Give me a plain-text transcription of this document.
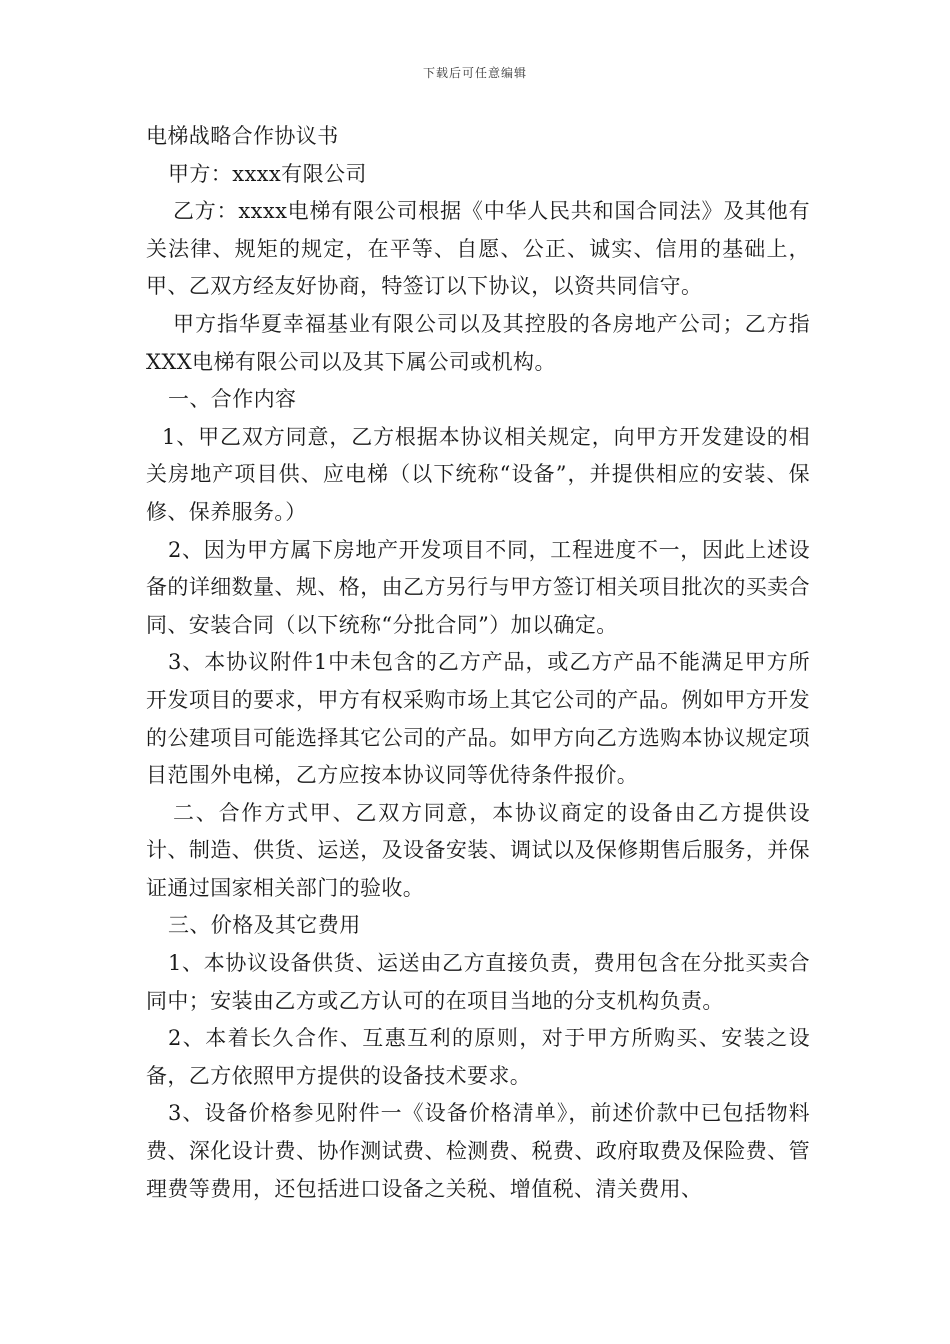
下载后可任意编辑

电梯战略合作协议书

甲方：xxxx有限公司

乙方：xxxx电梯有限公司根据《中华人民共和国合同法》及其他有关法律、规矩的规定，在平等、自愿、公正、诚实、信用的基础上，甲、乙双方经友好协商，特签订以下协议，以资共同信守。

甲方指华夏幸福基业有限公司以及其控股的各房地产公司；乙方指XXX电梯有限公司以及其下属公司或机构。

一、合作内容

1、甲乙双方同意，乙方根据本协议相关规定，向甲方开发建设的相关房地产项目供、应电梯（以下统称“设备”，并提供相应的安装、保修、保养服务。）

2、因为甲方属下房地产开发项目不同，工程进度不一，因此上述设备的详细数量、规、格，由乙方另行与甲方签订相关项目批次的买卖合同、安装合同（以下统称“分批合同”）加以确定。

3、本协议附件1中未包含的乙方产品，或乙方产品不能满足甲方所开发项目的要求，甲方有权采购市场上其它公司的产品。例如甲方开发的公建项目可能选择其它公司的产品。如甲方向乙方选购本协议规定项目范围外电梯，乙方应按本协议同等优待条件报价。

二、合作方式甲、乙双方同意，本协议商定的设备由乙方提供设计、制造、供货、运送，及设备安装、调试以及保修期售后服务，并保证通过国家相关部门的验收。

三、价格及其它费用

1、本协议设备供货、运送由乙方直接负责，费用包含在分批买卖合同中；安装由乙方或乙方认可的在项目当地的分支机构负责。

2、本着长久合作、互惠互利的原则，对于甲方所购买、安装之设备，乙方依照甲方提供的设备技术要求。

3、设备价格参见附件一《设备价格清单》，前述价款中已包括物料费、深化设计费、协作测试费、检测费、税费、政府取费及保险费、管理费等费用，还包括进口设备之关税、增值税、清关费用、
